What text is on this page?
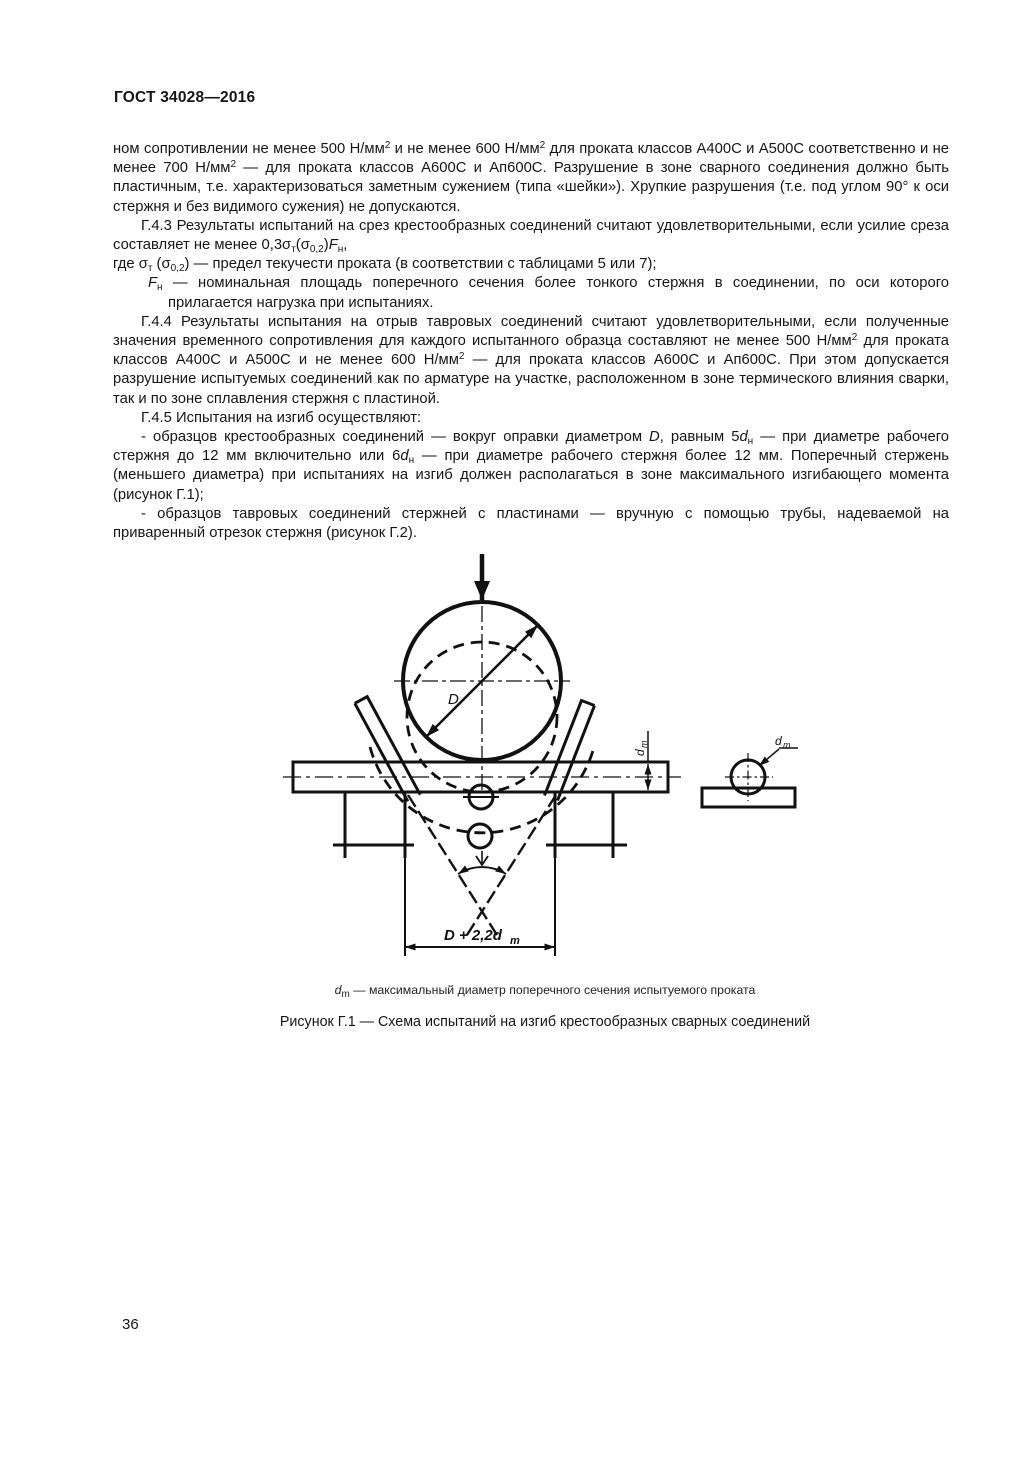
ГОСТ 34028—2016

ном сопротивлении не менее 500 $Н/мм^2$ и не менее 600 $Н/мм^2$ для проката классов А400С и А500С соответственно и не менее 700 $Н/мм^2$ — для проката классов А600С и Ап600С. Разрушение в зоне сварного соединения должно быть пластичным, т.е. характеризоваться заметным сужением (типа «шейки»). Хрупкие разрушения (т.е. под углом 90° к оси стержня и без видимого сужения) не допускаются.

Г.4.3 Результаты испытаний на срез крестообразных соединений считают удовлетворительными, если усилие среза составляет не менее $0,3\sigma_т(\sigma_{0,2})F_н$,

где $\sigma_т$ $(\sigma_{0,2})$ — предел текучести проката (в соответствии с таблицами 5 или 7);

$F_н$ — номинальная площадь поперечного сечения более тонкого стержня в соединении, по оси которого прилагается нагрузка при испытаниях.

Г.4.4 Результаты испытания на отрыв тавровых соединений считают удовлетворительными, если полученные значения временного сопротивления для каждого испытанного образца составляют не менее 500 $Н/мм^2$ для проката классов А400С и А500С и не менее 600 $Н/мм^2$ — для проката классов А600С и Ап600С. При этом допускается разрушение испытуемых соединений как по арматуре на участке, расположенном в зоне термического влияния сварки, так и по зоне сплавления стержня с пластиной.

Г.4.5 Испытания на изгиб осуществляют:

- образцов крестообразных соединений — вокруг оправки диаметром D, равным $5d_н$ — при диаметре рабочего стержня до 12 мм включительно или $6d_н$ — при диаметре рабочего стержня более 12 мм. Поперечный стержень (меньшего диаметра) при испытаниях на изгиб должен располагаться в зоне максимального изгибающего момента (рисунок Г.1);

- образцов тавровых соединений стержней с пластинами — вручную с помощью трубы, надеваемой на приваренный отрезок стержня (рисунок Г.2).

D
D + 2,2d m
d
m	d m
$d_m$ — максимальный диаметр поперечного сечения испытуемого проката
Рисунок Г.1 — Схема испытаний на изгиб крестообразных сварных соединений
36
